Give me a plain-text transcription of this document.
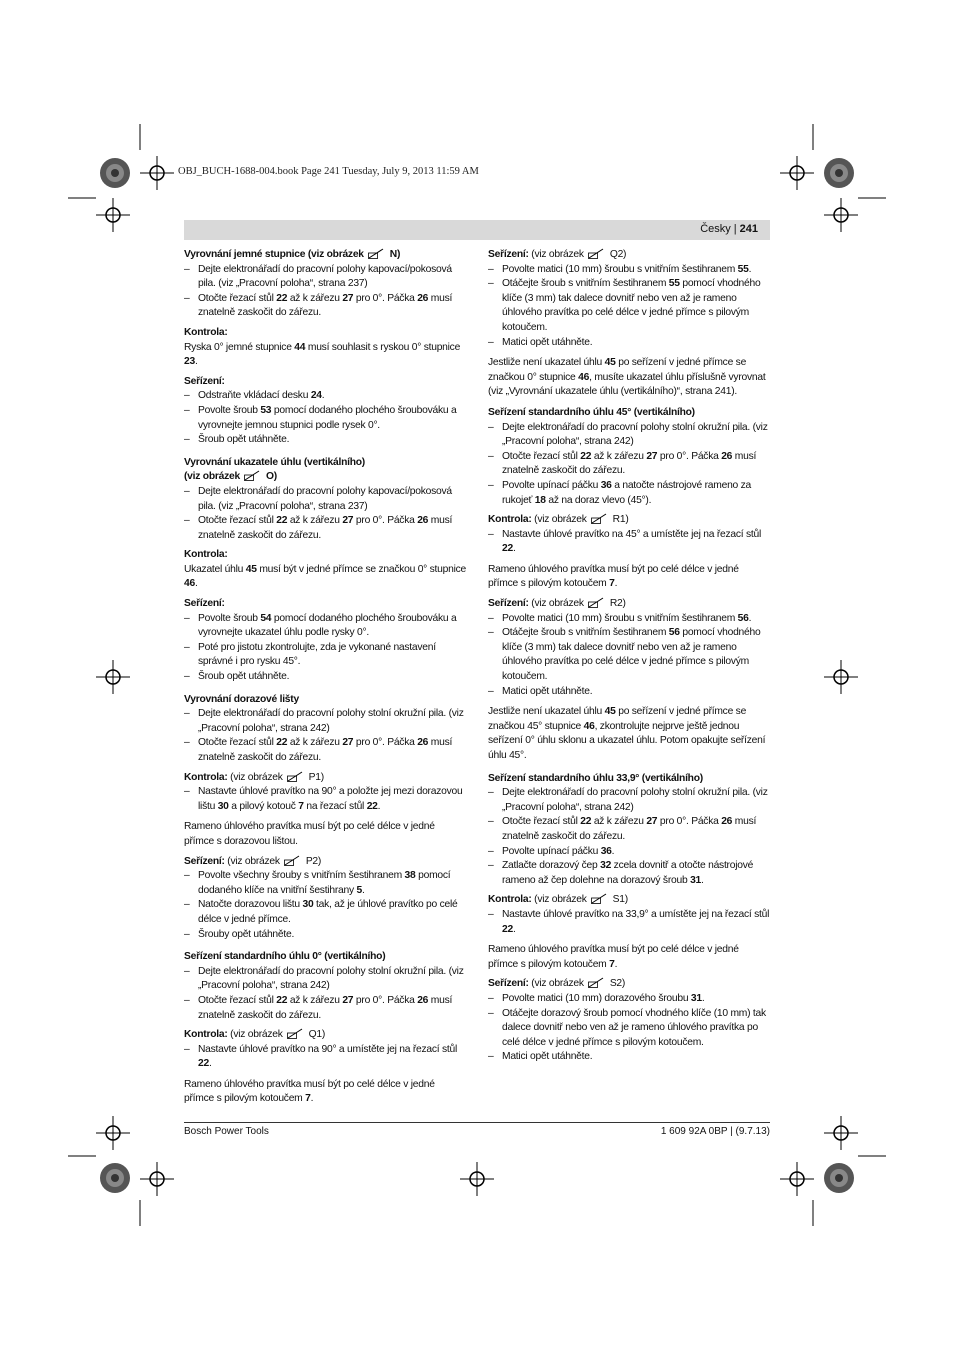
OBJ_BUCH-1688-004.book Page 241 Tuesday, July 9, 2013 11:59 AM
Česky | 241
Vyrovnání jemné stupnice (viz obrázek	N)
– Dejte elektronářadí do pracovní polohy kapovací/pokosová pila. (viz „Pracovní poloha“, strana 237)
– Otočte řezací stůl 22 až k zářezu 27 pro 0°. Páčka 26 musí znatelně zaskočit do zářezu.
Kontrola:

Ryska 0° jemné stupnice 44 musí souhlasit s ryskou 0° stupnice 23.

Seřízení:
– Odstraňte vkládací desku 24.
– Povolte šroub 53 pomocí dodaného plochého šroubováku a vyrovnejte jemnou stupnici podle rysek 0°.
– Šroub opět utáhněte.
Vyrovnání ukazatele úhlu (vertikálního)
(viz obrázek	O)
– Dejte elektronářadí do pracovní polohy kapovací/pokosová pila. (viz „Pracovní poloha“, strana 237)
– Otočte řezací stůl 22 až k zářezu 27 pro 0°. Páčka 26 musí znatelně zaskočit do zářezu.
Kontrola:

Ukazatel úhlu 45 musí být v jedné přímce se značkou 0° stupnice 46.

Seřízení:
– Povolte šroub 54 pomocí dodaného plochého šroubováku a vyrovnejte ukazatel úhlu podle rysky 0°.
– Poté pro jistotu zkontrolujte, zda je vykonané nastavení správné i pro rysku 45°.
– Šroub opět utáhněte.
Vyrovnání dorazové lišty
– Dejte elektronářadí do pracovní polohy stolní okružní pila. (viz „Pracovní poloha“, strana 242)
– Otočte řezací stůl 22 až k zářezu 27 pro 0°. Páčka 26 musí znatelně zaskočit do zářezu.
Kontrola: (viz obrázek	P1)
– Nastavte úhlové pravítko na 90° a položte jej mezi dorazovou lištu 30 a pilový kotouč 7 na řezací stůl 22.

Rameno úhlového pravítka musí být po celé délce v jedné přímce s dorazovou lištou.

Seřízení: (viz obrázek	P2)
– Povolte všechny šrouby s vnitřním šestihranem 38 pomocí dodaného klíče na vnitřní šestihrany 5.
– Natočte dorazovou lištu 30 tak, až je úhlové pravítko po celé délce v jedné přímce.
– Šrouby opět utáhněte.
Seřízení standardního úhlu 0° (vertikálního)
– Dejte elektronářadí do pracovní polohy stolní okružní pila. (viz „Pracovní poloha“, strana 242)
– Otočte řezací stůl 22 až k zářezu 27 pro 0°. Páčka 26 musí znatelně zaskočit do zářezu.
Kontrola: (viz obrázek	Q1)
– Nastavte úhlové pravítko na 90° a umístěte jej na řezací stůl 22.

Rameno úhlového pravítka musí být po celé délce v jedné přímce s pilovým kotoučem 7.

Seřízení: (viz obrázek	Q2)
– Povolte matici (10 mm) šroubu s vnitřním šestihranem 55.
– Otáčejte šroub s vnitřním šestihranem 55 pomocí vhodného klíče (3 mm) tak dalece dovnitř nebo ven až je rameno úhlového pravítka po celé délce v jedné přímce s pilovým kotoučem.
– Matici opět utáhněte.

Jestliže není ukazatel úhlu 45 po seřízení v jedné přímce se značkou 0° stupnice 46, musíte ukazatel úhlu příslušně vyrovnat (viz „Vyrovnání ukazatele úhlu (vertikálního)“, strana 241).

Seřízení standardního úhlu 45° (vertikálního)
– Dejte elektronářadí do pracovní polohy stolní okružní pila. (viz „Pracovní poloha“, strana 242)
– Otočte řezací stůl 22 až k zářezu 27 pro 0°. Páčka 26 musí znatelně zaskočit do zářezu.
– Povolte upínací páčku 36 a natočte nástrojové rameno za rukojeť 18 až na doraz vlevo (45°).
Kontrola: (viz obrázek	R1)
– Nastavte úhlové pravítko na 45° a umístěte jej na řezací stůl 22.

Rameno úhlového pravítka musí být po celé délce v jedné přímce s pilovým kotoučem 7.

Seřízení: (viz obrázek	R2)
– Povolte matici (10 mm) šroubu s vnitřním šestihranem 56.
– Otáčejte šroub s vnitřním šestihranem 56 pomocí vhodného klíče (3 mm) tak dalece dovnitř nebo ven až je rameno úhlového pravítka po celé délce v jedné přímce s pilovým kotoučem.
– Matici opět utáhněte.

Jestliže není ukazatel úhlu 45 po seřízení v jedné přímce se značkou 45° stupnice 46, zkontrolujte nejprve ještě jednou seřízení 0° úhlu sklonu a ukazatel úhlu. Potom opakujte seřízení úhlu 45°.

Seřízení standardního úhlu 33,9° (vertikálního)
– Dejte elektronářadí do pracovní polohy stolní okružní pila. (viz „Pracovní poloha“, strana 242)
– Otočte řezací stůl 22 až k zářezu 27 pro 0°. Páčka 26 musí znatelně zaskočit do zářezu.
– Povolte upínací páčku 36.
– Zatlačte dorazový čep 32 zcela dovnitř a otočte nástrojové rameno až čep dolehne na dorazový šroub 31.
Kontrola: (viz obrázek	S1)
– Nastavte úhlové pravítko na 33,9° a umístěte jej na řezací stůl 22.

Rameno úhlového pravítka musí být po celé délce v jedné přímce s pilovým kotoučem 7.

Seřízení: (viz obrázek	S2)
– Povolte matici (10 mm) dorazového šroubu 31.
– Otáčejte dorazový šroub pomocí vhodného klíče (10 mm) tak dalece dovnitř nebo ven až je rameno úhlového pravítka po celé délce v jedné přímce s pilovým kotoučem.
– Matici opět utáhněte.
Bosch Power Tools	1 609 92A 0BP | (9.7.13)
